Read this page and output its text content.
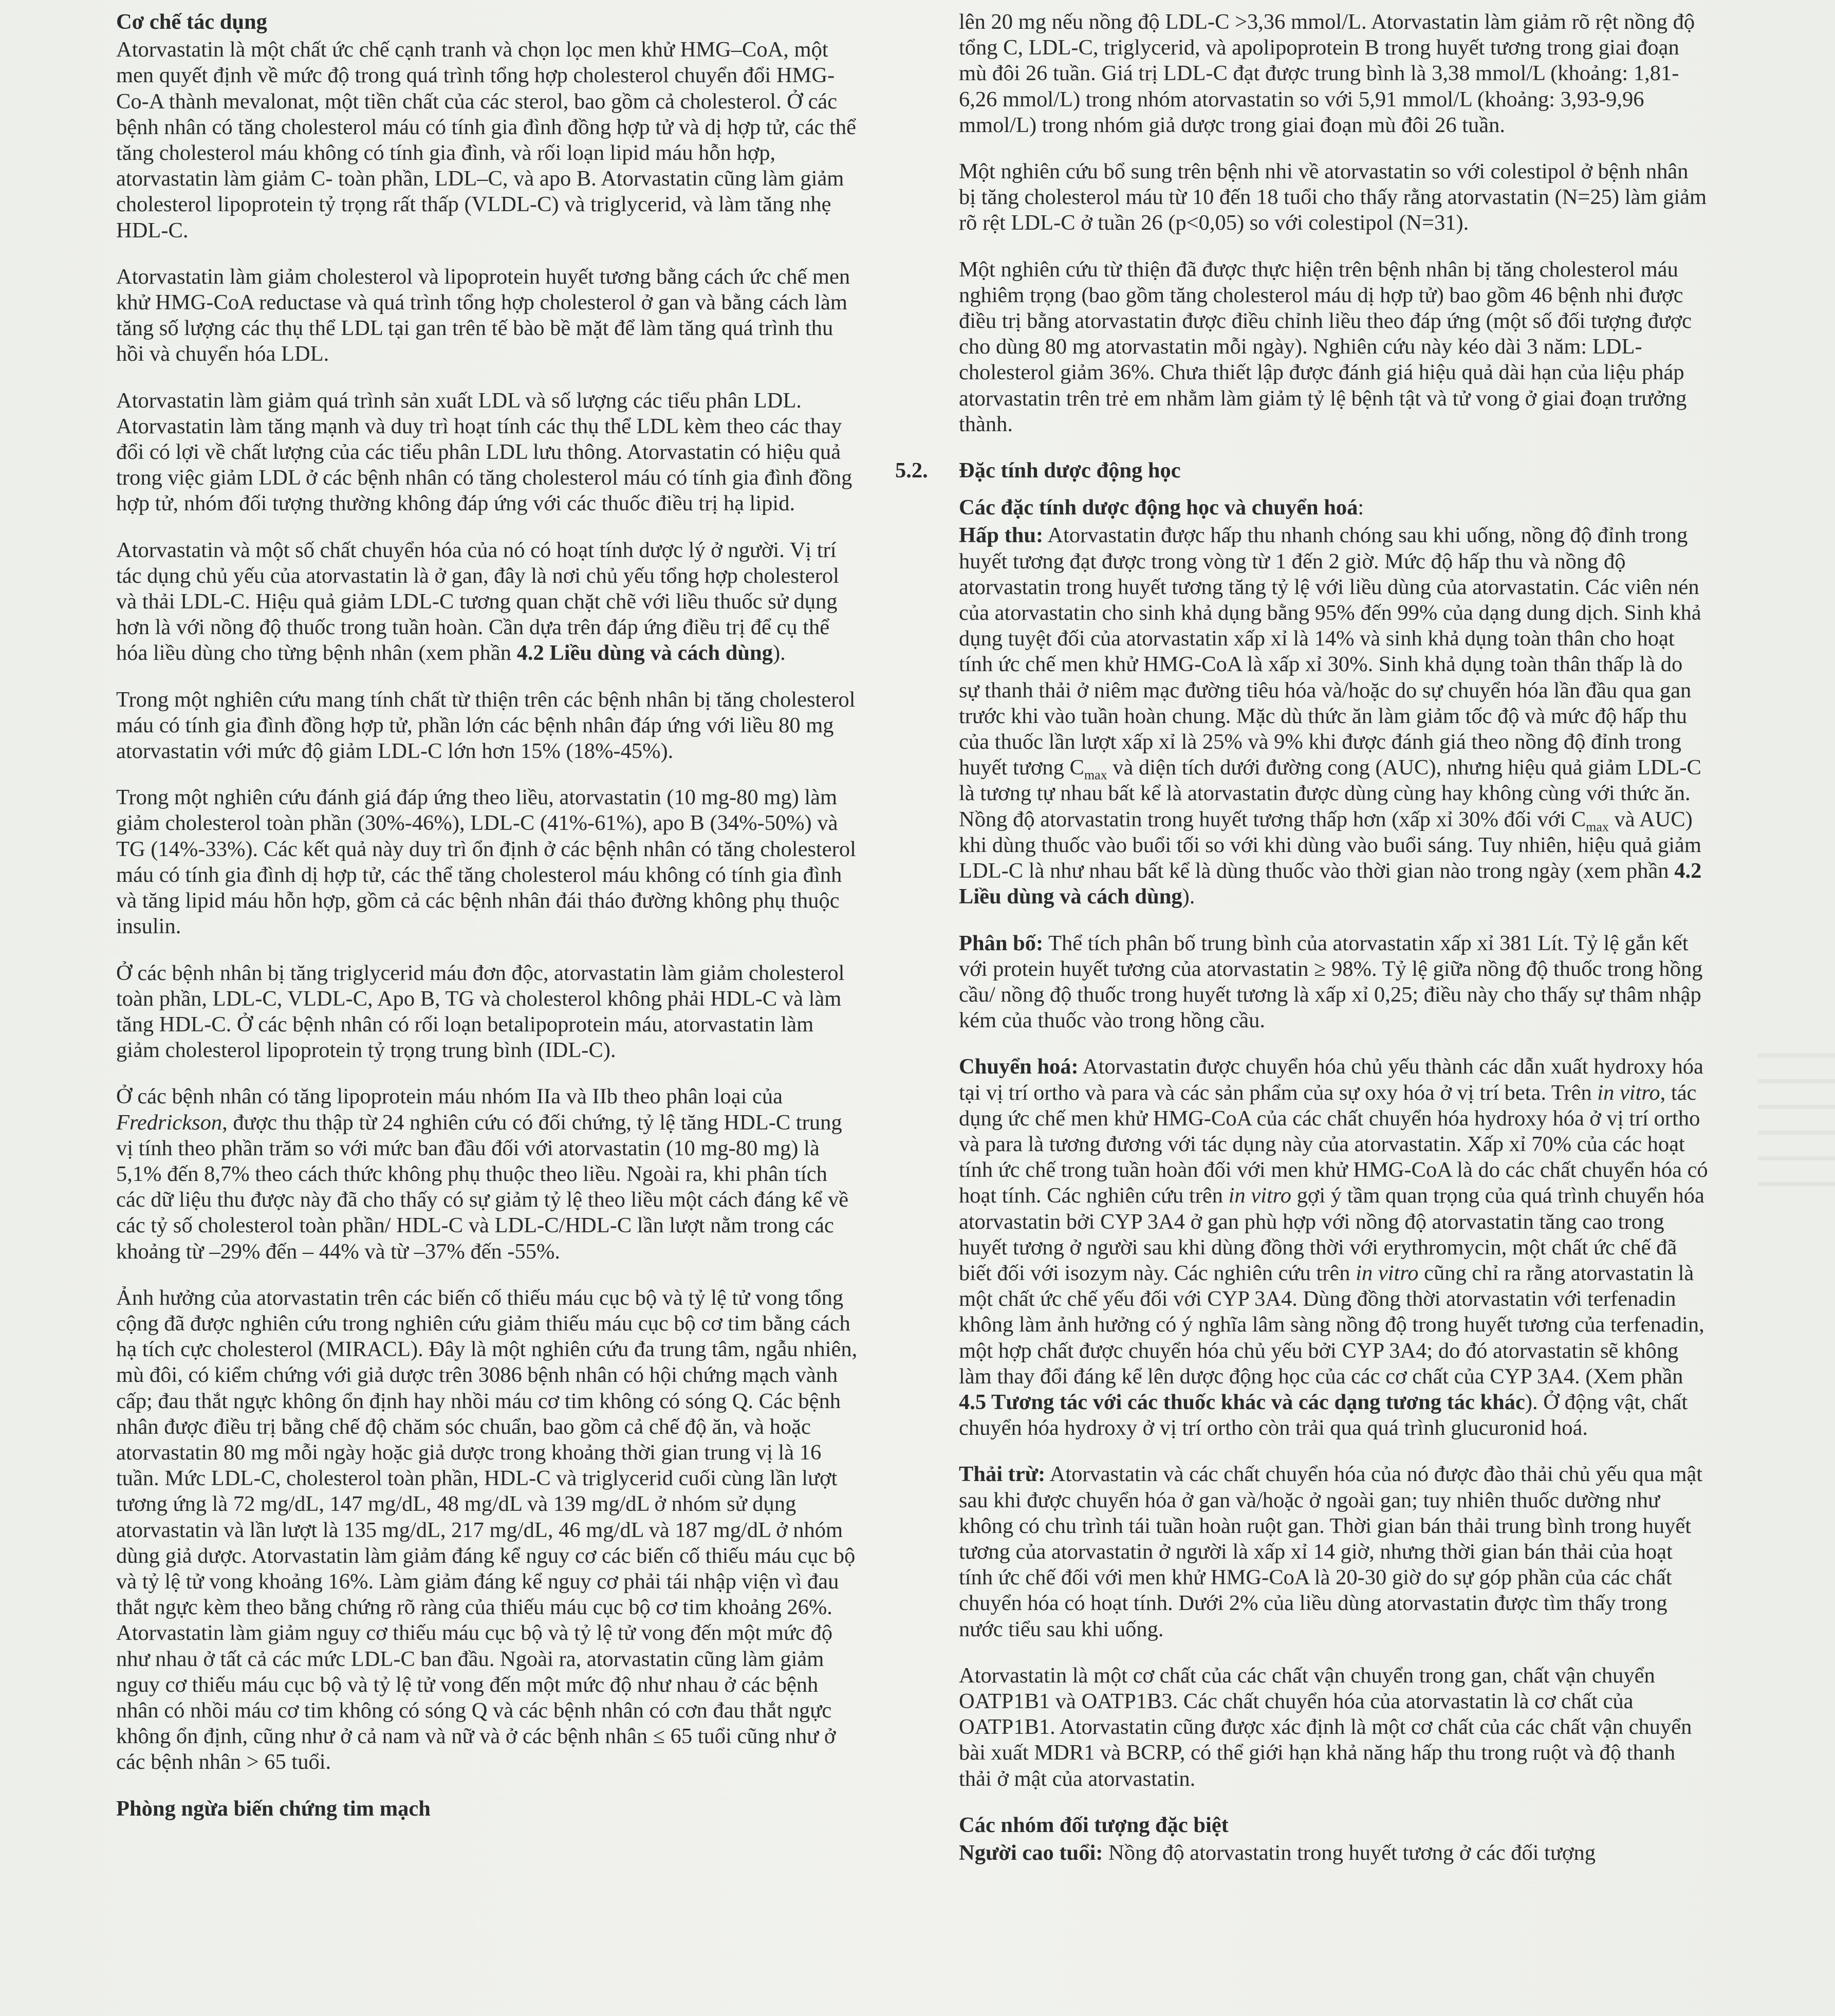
Cơ chế tác dụng
Atorvastatin là một chất ức chế cạnh tranh và chọn lọc men khử HMG–CoA, một men quyết định về mức độ trong quá trình tổng hợp cholesterol chuyển đổi HMG-Co-A thành mevalonat, một tiền chất của các sterol, bao gồm cả cholesterol. Ở các bệnh nhân có tăng cholesterol máu có tính gia đình đồng hợp tử và dị hợp tử, các thể tăng cholesterol máu không có tính gia đình, và rối loạn lipid máu hỗn hợp, atorvastatin làm giảm C- toàn phần, LDL–C, và apo B. Atorvastatin cũng làm giảm cholesterol lipoprotein tỷ trọng rất thấp (VLDL-C) và triglycerid, và làm tăng nhẹ HDL-C.
Atorvastatin làm giảm cholesterol và lipoprotein huyết tương bằng cách ức chế men khử HMG-CoA reductase và quá trình tổng hợp cholesterol ở gan và bằng cách làm tăng số lượng các thụ thể LDL tại gan trên tế bào bề mặt để làm tăng quá trình thu hồi và chuyển hóa LDL.
Atorvastatin làm giảm quá trình sản xuất LDL và số lượng các tiểu phân LDL. Atorvastatin làm tăng mạnh và duy trì hoạt tính các thụ thể LDL kèm theo các thay đổi có lợi về chất lượng của các tiểu phân LDL lưu thông. Atorvastatin có hiệu quả trong việc giảm LDL ở các bệnh nhân có tăng cholesterol máu có tính gia đình đồng hợp tử, nhóm đối tượng thường không đáp ứng với các thuốc điều trị hạ lipid.
Atorvastatin và một số chất chuyển hóa của nó có hoạt tính dược lý ở người. Vị trí tác dụng chủ yếu của atorvastatin là ở gan, đây là nơi chủ yếu tổng hợp cholesterol và thải LDL-C. Hiệu quả giảm LDL-C tương quan chặt chẽ với liều thuốc sử dụng hơn là với nồng độ thuốc trong tuần hoàn. Cần dựa trên đáp ứng điều trị để cụ thể hóa liều dùng cho từng bệnh nhân (xem phần 4.2 Liều dùng và cách dùng).
Trong một nghiên cứu mang tính chất từ thiện trên các bệnh nhân bị tăng cholesterol máu có tính gia đình đồng hợp tử, phần lớn các bệnh nhân đáp ứng với liều 80 mg atorvastatin với mức độ giảm LDL-C lớn hơn 15% (18%-45%).
Trong một nghiên cứu đánh giá đáp ứng theo liều, atorvastatin (10 mg-80 mg) làm giảm cholesterol toàn phần (30%-46%), LDL-C (41%-61%), apo B (34%-50%) và TG (14%-33%). Các kết quả này duy trì ổn định ở các bệnh nhân có tăng cholesterol máu có tính gia đình dị hợp tử, các thể tăng cholesterol máu không có tính gia đình và tăng lipid máu hỗn hợp, gồm cả các bệnh nhân đái tháo đường không phụ thuộc insulin.
Ở các bệnh nhân bị tăng triglycerid máu đơn độc, atorvastatin làm giảm cholesterol toàn phần, LDL-C, VLDL-C, Apo B, TG và cholesterol không phải HDL-C và làm tăng HDL-C. Ở các bệnh nhân có rối loạn betalipoprotein máu, atorvastatin làm giảm cholesterol lipoprotein tỷ trọng trung bình (IDL-C).
Ở các bệnh nhân có tăng lipoprotein máu nhóm IIa và IIb theo phân loại của Fredrickson, được thu thập từ 24 nghiên cứu có đối chứng, tỷ lệ tăng HDL-C trung vị tính theo phần trăm so với mức ban đầu đối với atorvastatin (10 mg-80 mg) là 5,1% đến 8,7% theo cách thức không phụ thuộc theo liều. Ngoài ra, khi phân tích các dữ liệu thu được này đã cho thấy có sự giảm tỷ lệ theo liều một cách đáng kể về các tỷ số cholesterol toàn phần/ HDL-C và LDL-C/HDL-C lần lượt nằm trong các khoảng từ –29% đến – 44% và từ –37% đến -55%.
Ảnh hưởng của atorvastatin trên các biến cố thiếu máu cục bộ và tỷ lệ tử vong tổng cộng đã được nghiên cứu trong nghiên cứu giảm thiếu máu cục bộ cơ tim bằng cách hạ tích cực cholesterol (MIRACL). Đây là một nghiên cứu đa trung tâm, ngẫu nhiên, mù đôi, có kiểm chứng với giả dược trên 3086 bệnh nhân có hội chứng mạch vành cấp; đau thắt ngực không ổn định hay nhồi máu cơ tim không có sóng Q. Các bệnh nhân được điều trị bằng chế độ chăm sóc chuẩn, bao gồm cả chế độ ăn, và hoặc atorvastatin 80 mg mỗi ngày hoặc giả dược trong khoảng thời gian trung vị là 16 tuần. Mức LDL-C, cholesterol toàn phần, HDL-C và triglycerid cuối cùng lần lượt tương ứng là 72 mg/dL, 147 mg/dL, 48 mg/dL và 139 mg/dL ở nhóm sử dụng atorvastatin và lần lượt là 135 mg/dL, 217 mg/dL, 46 mg/dL và 187 mg/dL ở nhóm dùng giả dược. Atorvastatin làm giảm đáng kể nguy cơ các biến cố thiếu máu cục bộ và tỷ lệ tử vong khoảng 16%. Làm giảm đáng kể nguy cơ phải tái nhập viện vì đau thắt ngực kèm theo bằng chứng rõ ràng của thiếu máu cục bộ cơ tim khoảng 26%. Atorvastatin làm giảm nguy cơ thiếu máu cục bộ và tỷ lệ tử vong đến một mức độ như nhau ở tất cả các mức LDL-C ban đầu. Ngoài ra, atorvastatin cũng làm giảm nguy cơ thiếu máu cục bộ và tỷ lệ tử vong đến một mức độ như nhau ở các bệnh nhân có nhồi máu cơ tim không có sóng Q và các bệnh nhân có cơn đau thắt ngực không ổn định, cũng như ở cả nam và nữ và ở các bệnh nhân ≤ 65 tuổi cũng như ở các bệnh nhân > 65 tuổi.
Phòng ngừa biến chứng tim mạch
lên 20 mg nếu nồng độ LDL-C >3,36 mmol/L. Atorvastatin làm giảm rõ rệt nồng độ tổng C, LDL-C, triglycerid, và apolipoprotein B trong huyết tương trong giai đoạn mù đôi 26 tuần. Giá trị LDL-C đạt được trung bình là 3,38 mmol/L (khoảng: 1,81-6,26 mmol/L) trong nhóm atorvastatin so với 5,91 mmol/L (khoảng: 3,93-9,96 mmol/L) trong nhóm giả dược trong giai đoạn mù đôi 26 tuần.
Một nghiên cứu bổ sung trên bệnh nhi về atorvastatin so với colestipol ở bệnh nhân bị tăng cholesterol máu từ 10 đến 18 tuổi cho thấy rằng atorvastatin (N=25) làm giảm rõ rệt LDL-C ở tuần 26 (p<0,05) so với colestipol (N=31).
Một nghiên cứu từ thiện đã được thực hiện trên bệnh nhân bị tăng cholesterol máu nghiêm trọng (bao gồm tăng cholesterol máu dị hợp tử) bao gồm 46 bệnh nhi được điều trị bằng atorvastatin được điều chỉnh liều theo đáp ứng (một số đối tượng được cho dùng 80 mg atorvastatin mỗi ngày). Nghiên cứu này kéo dài 3 năm: LDL-cholesterol giảm 36%. Chưa thiết lập được đánh giá hiệu quả dài hạn của liệu pháp atorvastatin trên trẻ em nhằm làm giảm tỷ lệ bệnh tật và tử vong ở giai đoạn trưởng thành.
5.2.	Đặc tính dược động học
Các đặc tính dược động học và chuyển hoá:
Hấp thu: Atorvastatin được hấp thu nhanh chóng sau khi uống, nồng độ đỉnh trong huyết tương đạt được trong vòng từ 1 đến 2 giờ. Mức độ hấp thu và nồng độ atorvastatin trong huyết tương tăng tỷ lệ với liều dùng của atorvastatin. Các viên nén của atorvastatin cho sinh khả dụng bằng 95% đến 99% của dạng dung dịch. Sinh khả dụng tuyệt đối của atorvastatin xấp xỉ là 14% và sinh khả dụng toàn thân cho hoạt tính ức chế men khử HMG-CoA là xấp xỉ 30%. Sinh khả dụng toàn thân thấp là do sự thanh thải ở niêm mạc đường tiêu hóa và/hoặc do sự chuyển hóa lần đầu qua gan trước khi vào tuần hoàn chung. Mặc dù thức ăn làm giảm tốc độ và mức độ hấp thu của thuốc lần lượt xấp xỉ là 25% và 9% khi được đánh giá theo nồng độ đỉnh trong huyết tương $C_{max}$ và diện tích dưới đường cong (AUC), nhưng hiệu quả giảm LDL-C là tương tự nhau bất kể là atorvastatin được dùng cùng hay không cùng với thức ăn. Nồng độ atorvastatin trong huyết tương thấp hơn (xấp xỉ 30% đối với $C_{max}$ và AUC) khi dùng thuốc vào buổi tối so với khi dùng vào buổi sáng. Tuy nhiên, hiệu quả giảm LDL-C là như nhau bất kể là dùng thuốc vào thời gian nào trong ngày (xem phần 4.2 Liều dùng và cách dùng).
Phân bố: Thể tích phân bố trung bình của atorvastatin xấp xỉ 381 Lít. Tỷ lệ gắn kết với protein huyết tương của atorvastatin ≥ 98%. Tỷ lệ giữa nồng độ thuốc trong hồng cầu/ nồng độ thuốc trong huyết tương là xấp xỉ 0,25; điều này cho thấy sự thâm nhập kém của thuốc vào trong hồng cầu.
Chuyển hoá: Atorvastatin được chuyển hóa chủ yếu thành các dẫn xuất hydroxy hóa tại vị trí ortho và para và các sản phẩm của sự oxy hóa ở vị trí beta. Trên in vitro, tác dụng ức chế men khử HMG-CoA của các chất chuyển hóa hydroxy hóa ở vị trí ortho và para là tương đương với tác dụng này của atorvastatin. Xấp xỉ 70% của các hoạt tính ức chế trong tuần hoàn đối với men khử HMG-CoA là do các chất chuyển hóa có hoạt tính. Các nghiên cứu trên in vitro gợi ý tầm quan trọng của quá trình chuyển hóa atorvastatin bởi CYP 3A4 ở gan phù hợp với nồng độ atorvastatin tăng cao trong huyết tương ở người sau khi dùng đồng thời với erythromycin, một chất ức chế đã biết đối với isozym này. Các nghiên cứu trên in vitro cũng chỉ ra rằng atorvastatin là một chất ức chế yếu đối với CYP 3A4. Dùng đồng thời atorvastatin với terfenadin không làm ảnh hưởng có ý nghĩa lâm sàng nồng độ trong huyết tương của terfenadin, một hợp chất được chuyển hóa chủ yếu bởi CYP 3A4; do đó atorvastatin sẽ không làm thay đổi đáng kể lên dược động học của các cơ chất của CYP 3A4. (Xem phần 4.5 Tương tác với các thuốc khác và các dạng tương tác khác). Ở động vật, chất chuyển hóa hydroxy ở vị trí ortho còn trải qua quá trình glucuronid hoá.
Thải trừ: Atorvastatin và các chất chuyển hóa của nó được đào thải chủ yếu qua mật sau khi được chuyển hóa ở gan và/hoặc ở ngoài gan; tuy nhiên thuốc dường như không có chu trình tái tuần hoàn ruột gan. Thời gian bán thải trung bình trong huyết tương của atorvastatin ở người là xấp xỉ 14 giờ, nhưng thời gian bán thải của hoạt tính ức chế đối với men khử HMG-CoA là 20-30 giờ do sự góp phần của các chất chuyển hóa có hoạt tính. Dưới 2% của liều dùng atorvastatin được tìm thấy trong nước tiểu sau khi uống.
Atorvastatin là một cơ chất của các chất vận chuyển trong gan, chất vận chuyển OATP1B1 và OATP1B3. Các chất chuyển hóa của atorvastatin là cơ chất của OATP1B1. Atorvastatin cũng được xác định là một cơ chất của các chất vận chuyển bài xuất MDR1 và BCRP, có thể giới hạn khả năng hấp thu trong ruột và độ thanh thải ở mật của atorvastatin.
Các nhóm đối tượng đặc biệt
Người cao tuổi: Nồng độ atorvastatin trong huyết tương ở các đối tượng
